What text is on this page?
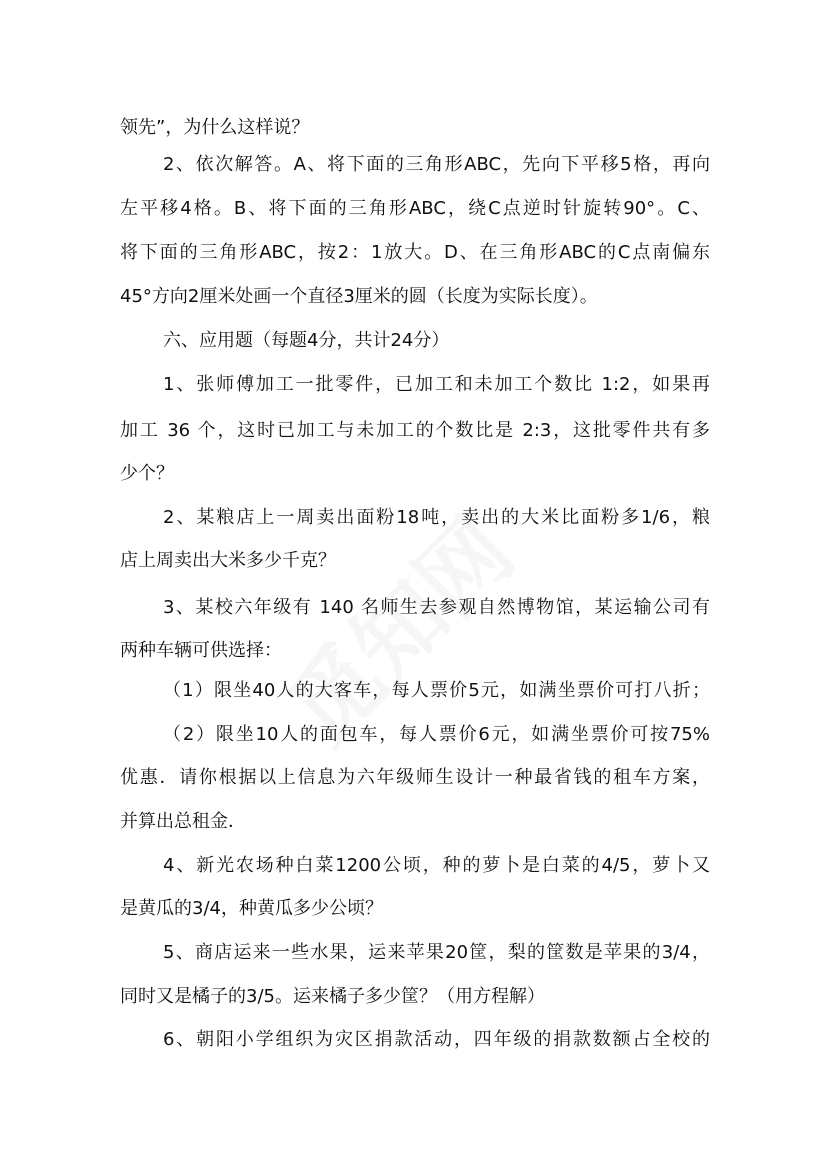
领先”，为什么这样说？
2、依次解答。A、将下面的三角形ABC，先向下平移5格，再向
左平移4格。B、将下面的三角形ABC，绕C点逆时针旋转90°。C、
将下面的三角形ABC，按2：1放大。D、在三角形ABC的C点南偏东
45°方向2厘米处画一个直径3厘米的圆（长度为实际长度）。
六、应用题（每题4分，共计24分）
1、张师傅加工一批零件，已加工和未加工个数比 1:2，如果再
加工 36 个，这时已加工与未加工的个数比是 2:3，这批零件共有多
少个？
2、某粮店上一周卖出面粉18吨，卖出的大米比面粉多1/6，粮
店上周卖出大米多少千克？
3、某校六年级有 140 名师生去参观自然博物馆，某运输公司有
两种车辆可供选择：
（1）限坐40人的大客车，每人票价5元，如满坐票价可打八折；
（2）限坐10人的面包车，每人票价6元，如满坐票价可按75%
优惠．请你根据以上信息为六年级师生设计一种最省钱的租车方案，
并算出总租金．
4、新光农场种白菜1200公顷，种的萝卜是白菜的4/5，萝卜又
是黄瓜的3/4，种黄瓜多少公顷？
5、商店运来一些水果，运来苹果20筐，梨的筐数是苹果的3/4，
同时又是橘子的3/5。运来橘子多少筐？（用方程解）
6、朝阳小学组织为灾区捐款活动，四年级的捐款数额占全校的
